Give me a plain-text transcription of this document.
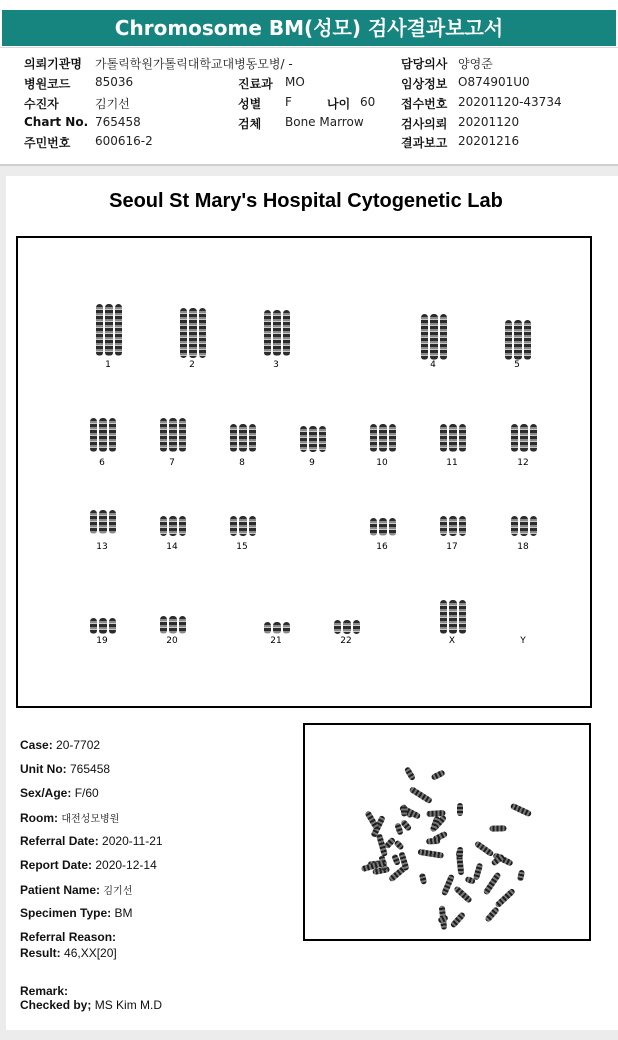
Chromosome BM(성모) 검사결과보고서
의뢰기관명 가톨릭학원가톨릭대학교대병동모병/ -	담당의사 양영준
병원코드 85036	진료과 MO	임상정보 O874901U0
수진자	김기선	성별 F	나이 60 접수번호 20201120-43734
Chart No. 765458	검체 Bone Marrow	검사의뢰 20201120
주민번호 600616-2	결과보고 20201216
Seoul St Mary's Hospital Cytogenetic Lab
1	2	3	4	5
6	7	8	9	10	11	12
13	14	15	16	17	18
19	20	21	22	X	Y
Case: 20-7702
Unit No: 765458
Sex/Age: F/60
Room: 대전성모병원
Referral Date: 2020-11-21
Report Date: 2020-12-14
Patient Name: 김기선
Specimen Type: BM
Referral Reason:
Result: 46,XX[20]
Remark:
Checked by; MS Kim M.D
